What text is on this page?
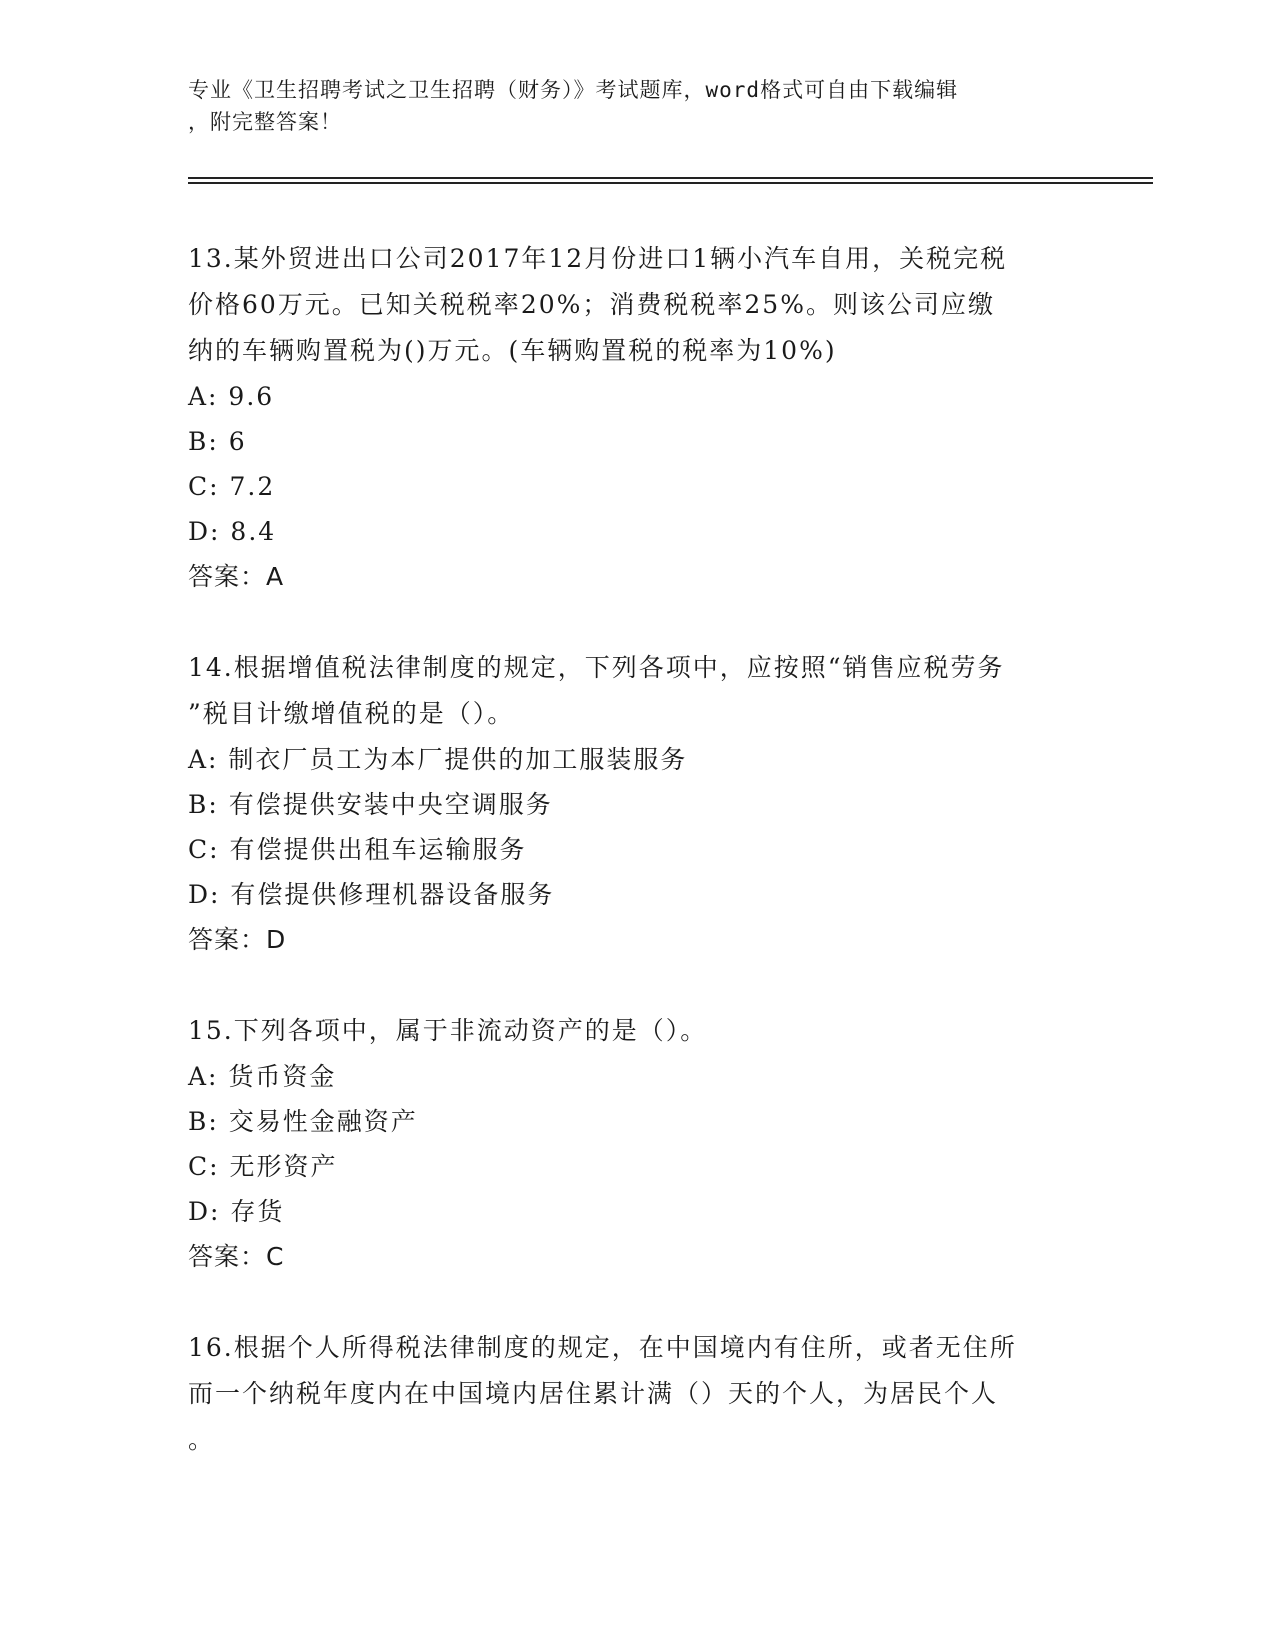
专业《卫生招聘考试之卫生招聘（财务）》考试题库，word格式可自由下载编辑

，附完整答案！

13.某外贸进出口公司2017年12月份进口1辆小汽车自用，关税完税

价格60万元。已知关税税率20%；消费税税率25%。则该公司应缴

纳的车辆购置税为()万元。(车辆购置税的税率为10%)

A: 9.6

B: 6

C: 7.2

D: 8.4

答案：A

14.根据增值税法律制度的规定，下列各项中，应按照“销售应税劳务

”税目计缴增值税的是（）。

A: 制衣厂员工为本厂提供的加工服装服务

B: 有偿提供安装中央空调服务

C: 有偿提供出租车运输服务

D: 有偿提供修理机器设备服务

答案：D

15.下列各项中，属于非流动资产的是（）。

A: 货币资金

B: 交易性金融资产

C: 无形资产

D: 存货

答案：C

16.根据个人所得税法律制度的规定，在中国境内有住所，或者无住所

而一个纳税年度内在中国境内居住累计满（）天的个人，为居民个人

。
